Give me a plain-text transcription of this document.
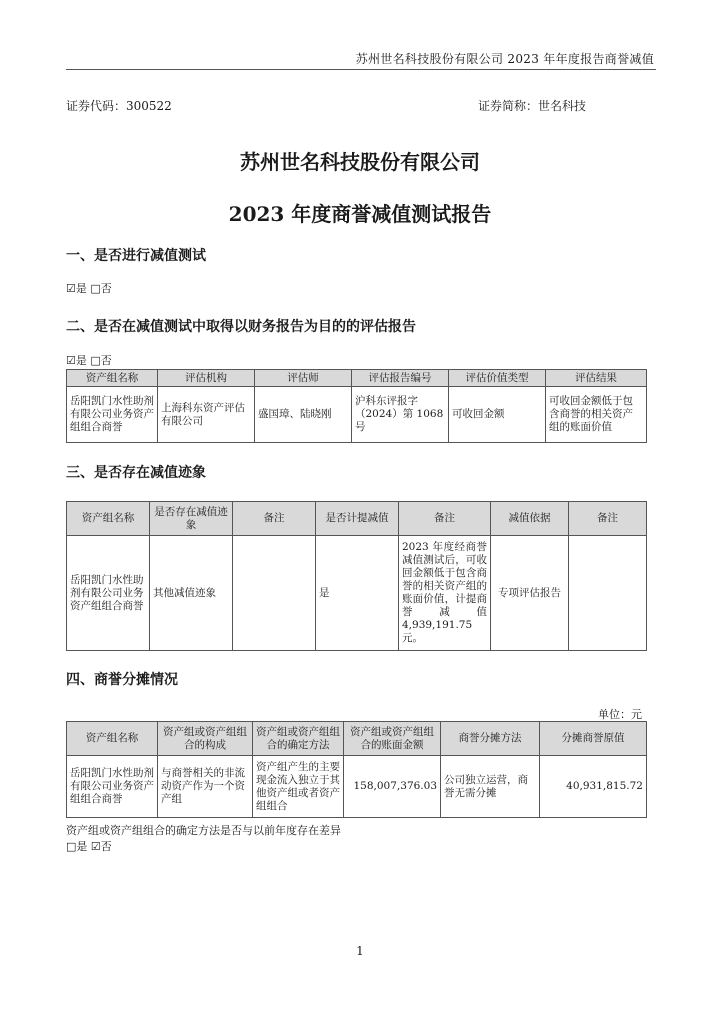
苏州世名科技股份有限公司 2023 年年度报告商誉减值
证券代码：300522	证券简称：世名科技
苏州世名科技股份有限公司
2023 年度商誉减值测试报告
一、是否进行减值测试
☑是 □否
二、是否在减值测试中取得以财务报告为目的的评估报告
☑是 □否
资产组名称	评估机构	评估师	评估报告编号	评估价值类型	评估结果
岳阳凯门水性助剂有限公司业务资产组组合商誉	上海科东资产评估有限公司	盛国璋、陆晓刚	沪科东评报字（2024）第 1068 号	可收回金额	可收回金额低于包含商誉的相关资产组的账面价值
三、是否存在减值迹象
资产组名称	是否存在减值迹象	备注	是否计提减值	备注	减值依据	备注
岳阳凯门水性助剂有限公司业务资产组组合商誉	其他减值迹象		是	2023 年度经商誉减值测试后，可收回金额低于包含商誉的相关资产组的账面价值，计提商誉减值 4,939,191.75 元。	专项评估报告	
四、商誉分摊情况
单位：元
资产组名称	资产组或资产组组合的构成	资产组或资产组组合的确定方法	资产组或资产组组合的账面金额	商誉分摊方法	分摊商誉原值
岳阳凯门水性助剂有限公司业务资产组组合商誉	与商誉相关的非流动资产作为一个资产组	资产组产生的主要现金流入独立于其他资产组或者资产组组合	158,007,376.03	公司独立运营，商誉无需分摊	40,931,815.72
资产组或资产组组合的确定方法是否与以前年度存在差异
□是 ☑否
1
